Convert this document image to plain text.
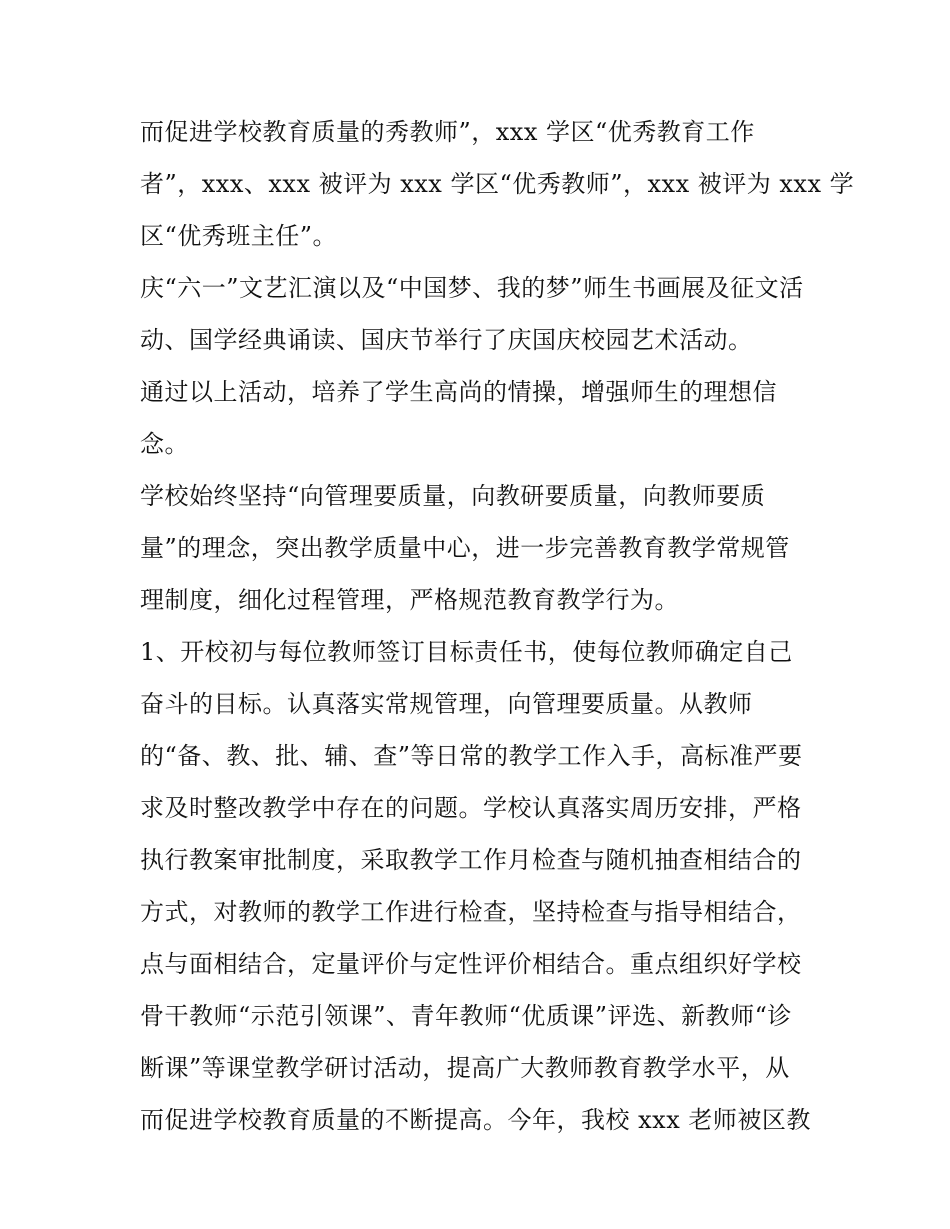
而促进学校教育质量的秀教师”，xxx 学区“优秀教育工作
者”，xxx、xxx 被评为 xxx 学区“优秀教师”，xxx 被评为 xxx 学
区“优秀班主任”。
庆“六一”文艺汇演以及“中国梦、我的梦”师生书画展及征文活
动、国学经典诵读、国庆节举行了庆国庆校园艺术活动。
通过以上活动，培养了学生高尚的情操，增强师生的理想信
念。
学校始终坚持“向管理要质量，向教研要质量，向教师要质
量”的理念，突出教学质量中心，进一步完善教育教学常规管
理制度，细化过程管理，严格规范教育教学行为。
1、开校初与每位教师签订目标责任书，使每位教师确定自己
奋斗的目标。认真落实常规管理，向管理要质量。从教师
的“备、教、批、辅、查”等日常的教学工作入手，高标准严要
求及时整改教学中存在的问题。学校认真落实周历安排，严格
执行教案审批制度，采取教学工作月检查与随机抽查相结合的
方式，对教师的教学工作进行检查，坚持检查与指导相结合，
点与面相结合，定量评价与定性评价相结合。重点组织好学校
骨干教师“示范引领课”、青年教师“优质课”评选、新教师“诊
断课”等课堂教学研讨活动，提高广大教师教育教学水平，从
而促进学校教育质量的不断提高。今年，我校 xxx 老师被区教
